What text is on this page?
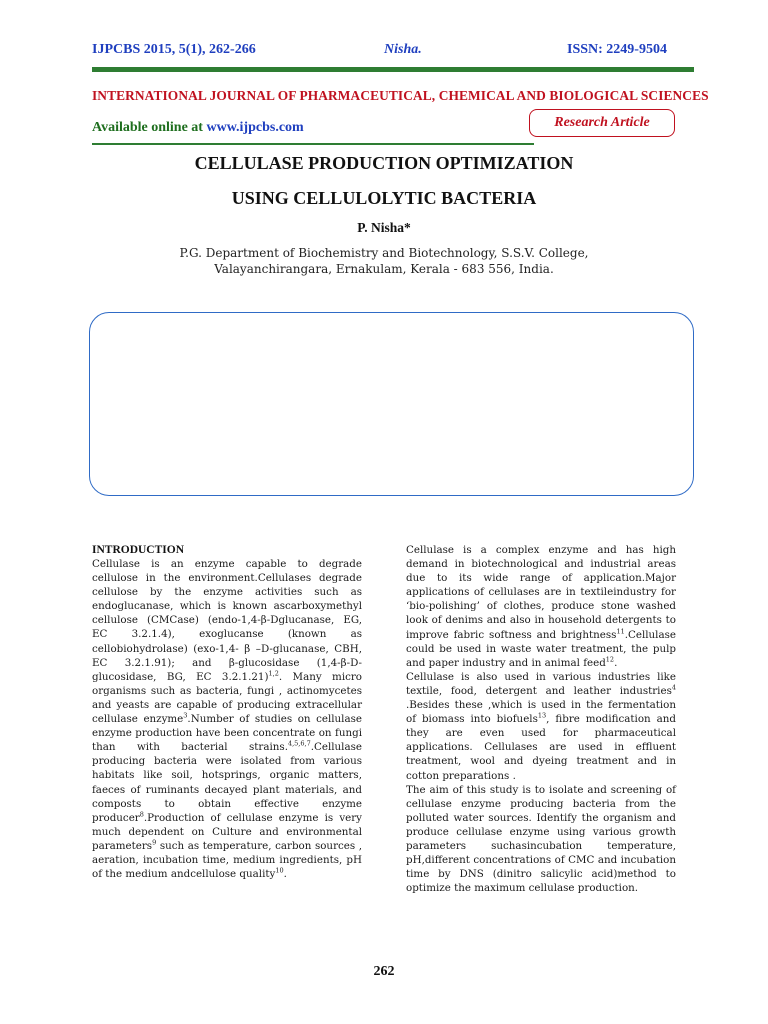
IJPCBS 2015, 5(1), 262-266	Nisha.	ISSN: 2249-9504
INTERNATIONAL JOURNAL OF PHARMACEUTICAL, CHEMICAL AND BIOLOGICAL SCIENCES
Available online at www.ijpcbs.com	Research Article
CELLULASE PRODUCTION OPTIMIZATION
USING CELLULOLYTIC BACTERIA
P. Nisha*
P.G. Department of Biochemistry and Biotechnology, S.S.V. College,
Valayanchirangara, Ernakulam, Kerala - 683 556, India.
INTRODUCTION

Cellulase is an enzyme capable to degrade cellulose in the environment.Cellulases degrade cellulose by the enzyme activities such as endoglucanase, which is known ascarboxymethyl cellulose (CMCase) (endo-1,4-β-Dglucanase, EG, EC 3.2.1.4), exoglucanse (known as cellobiohydrolase) (exo-1,4- β –D-glucanase, CBH, EC 3.2.1.91); and β-glucosidase (1,4-β-D-glucosidase, BG, EC 3.2.1.21)$^{1,2}$. Many micro organisms such as bacteria, fungi , actinomycetes and yeasts are capable of producing extracellular cellulase enzyme$^3$.Number of studies on cellulase enzyme production have been concentrate on fungi than with bacterial strains.$^{4,5,6,7}$.Cellulase producing bacteria were isolated from various habitats like soil, hotsprings, organic matters, faeces of ruminants decayed plant materials, and composts to obtain effective enzyme producer$^8$.Production of cellulase enzyme is very much dependent on Culture and environmental parameters$^9$ such as temperature, carbon sources , aeration, incubation time, medium ingredients, pH of the medium andcellulose quality$^{10}$.

Cellulase is a complex enzyme and has high demand in biotechnological and industrial areas due to its wide range of application.Major applications of cellulases are in textileindustry for ‘bio-polishing’ of clothes, produce stone washed look of denims and also in household detergents to improve fabric softness and brightness$^{11}$.Cellulase could be used in waste water treatment, the pulp and paper industry and in animal feed$^{12}$.

Cellulase is also used in various industries like textile, food, detergent and leather industries$^4$ .Besides these ,which is used in the fermentation of biomass into biofuels$^{13}$, fibre modification and they are even used for pharmaceutical applications. Cellulases are used in effluent treatment, wool and dyeing treatment and in cotton preparations .

The aim of this study is to isolate and screening of cellulase enzyme producing bacteria from the polluted water sources. Identify the organism and produce cellulase enzyme using various growth parameters suchasincubation temperature, pH,different concentrations of CMC and incubation time by DNS (dinitro salicylic acid)method to optimize the maximum cellulase production.

262
